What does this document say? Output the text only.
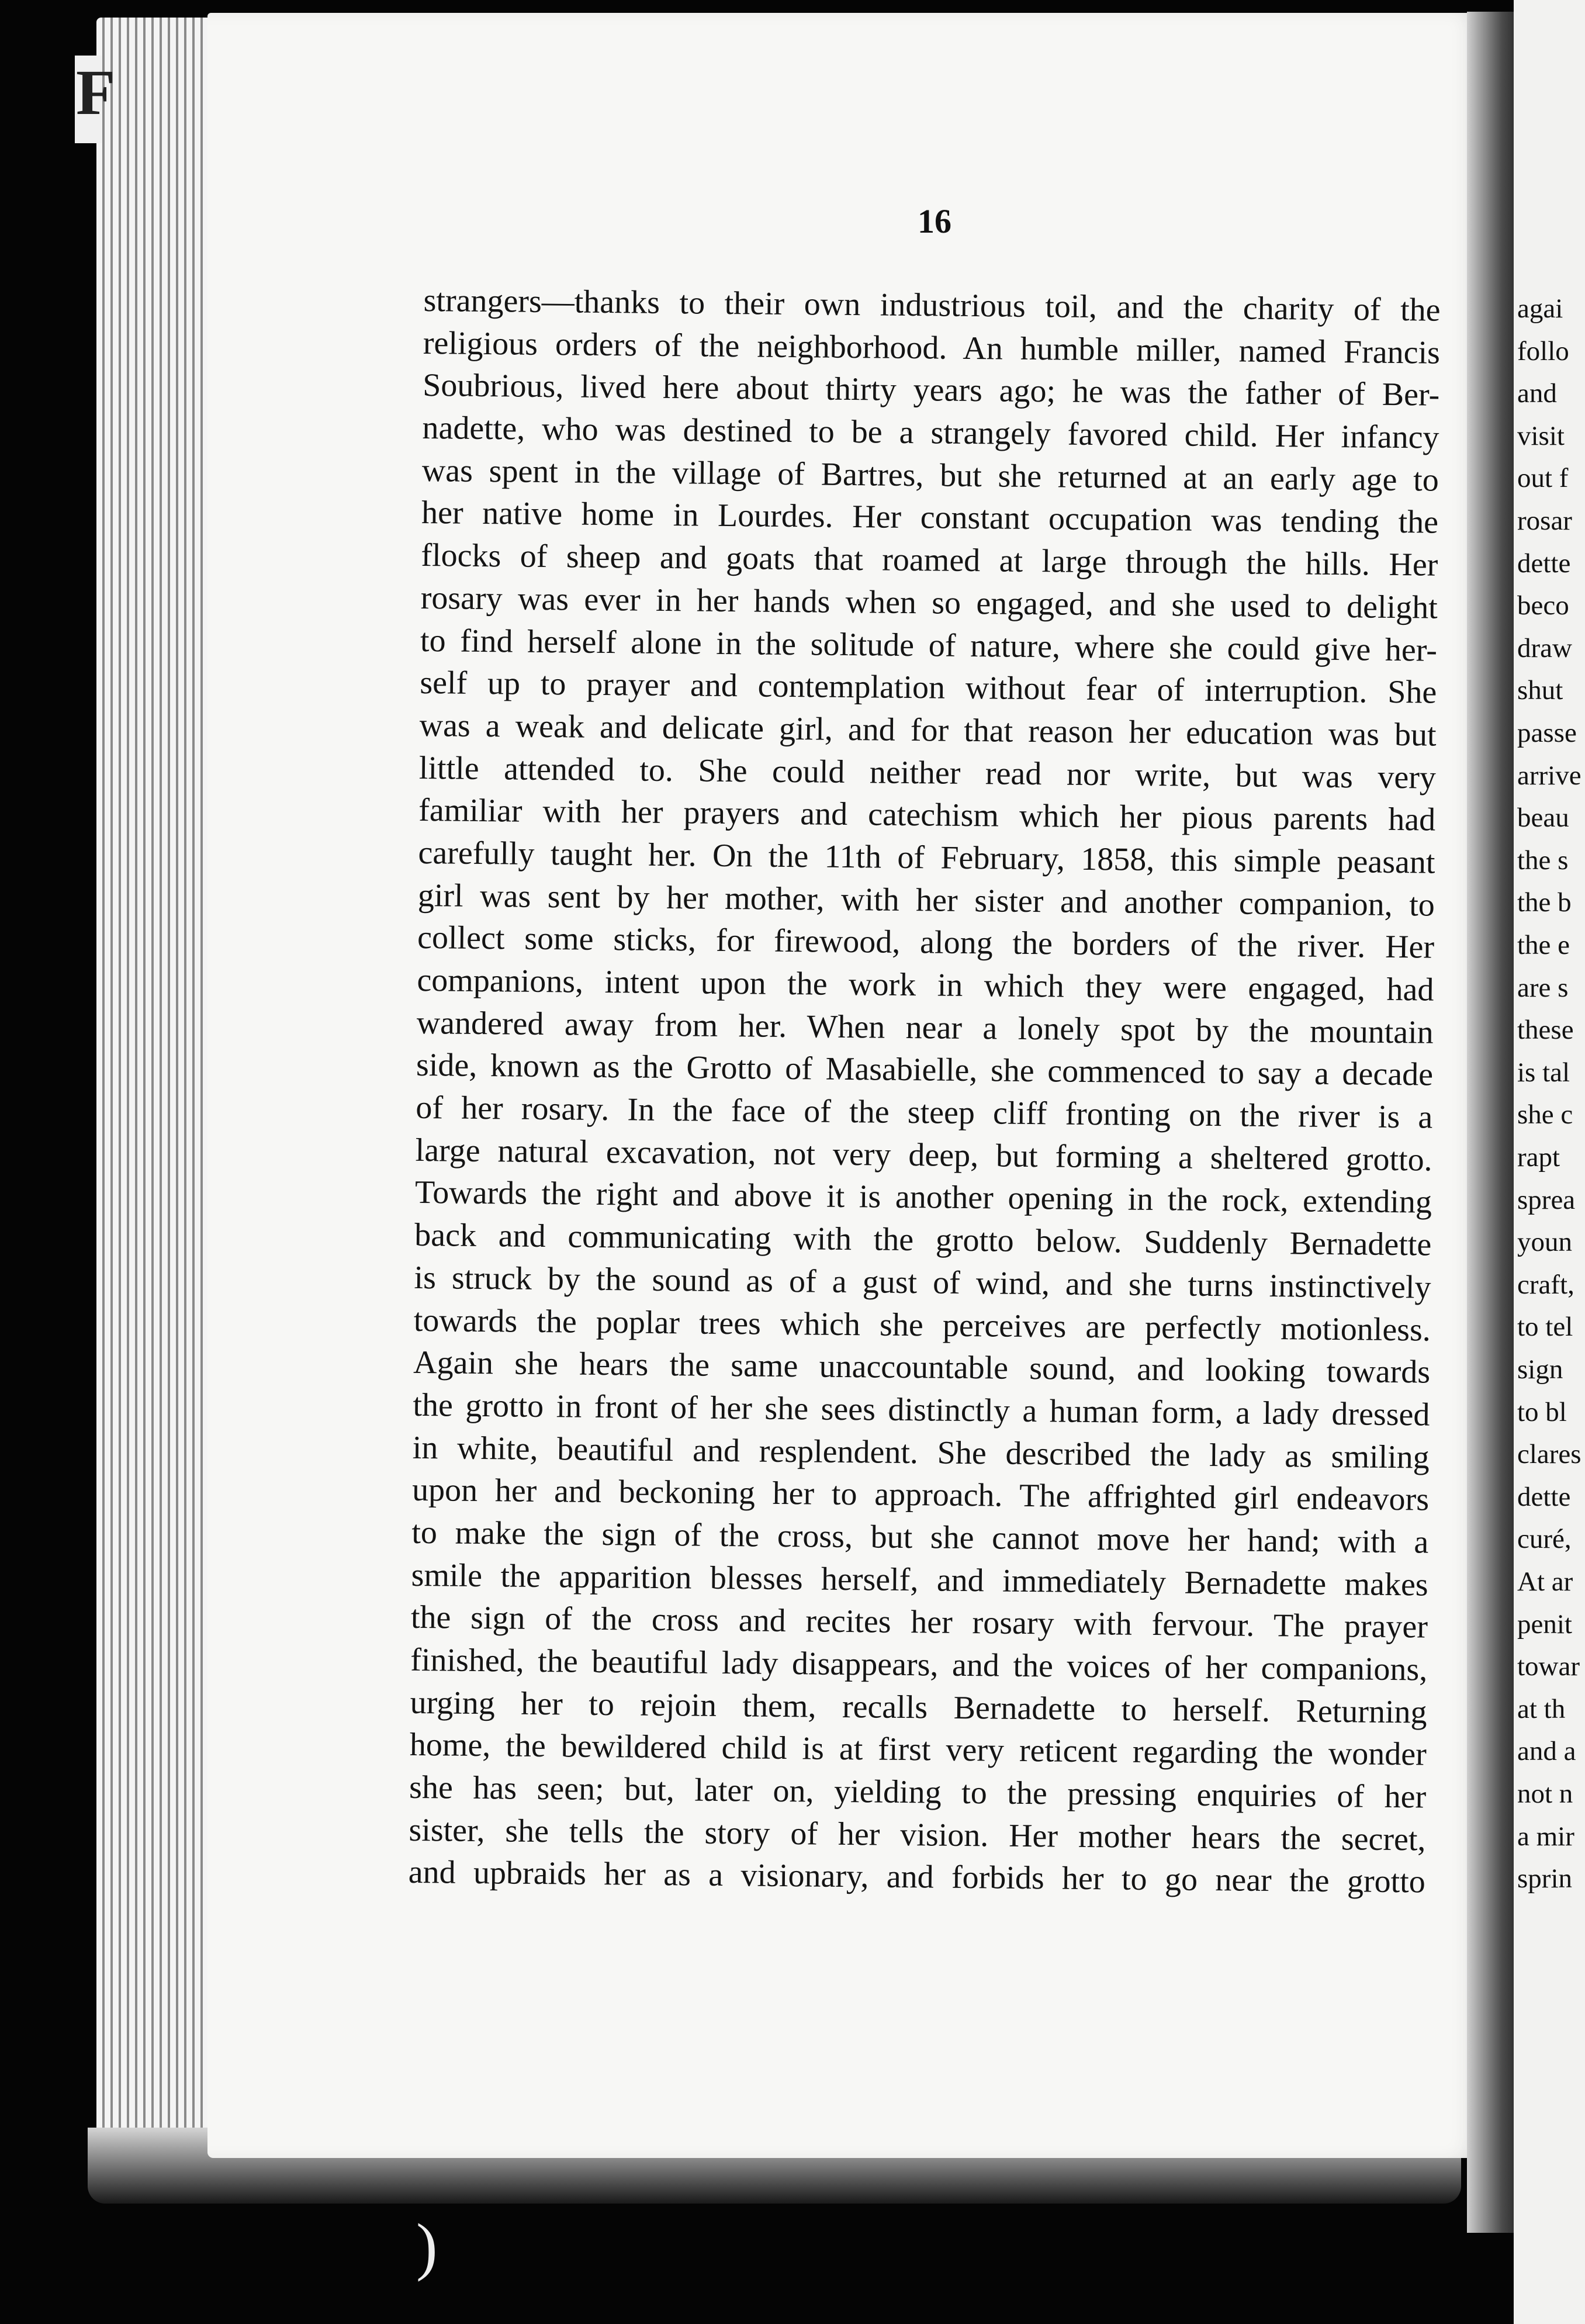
F
16
strangers—thanks to their own industrious toil, and the charity of the
religious orders of the neighborhood. An humble miller, named Francis
Soubrious, lived here about thirty years ago; he was the father of Ber-
nadette, who was destined to be a strangely favored child. Her infancy
was spent in the village of Bartres, but she returned at an early age to
her native home in Lourdes. Her constant occupation was tending the
flocks of sheep and goats that roamed at large through the hills. Her
rosary was ever in her hands when so engaged, and she used to delight
to find herself alone in the solitude of nature, where she could give her-
self up to prayer and contemplation without fear of interruption. She
was a weak and delicate girl, and for that reason her education was but
little attended to. She could neither read nor write, but was very
familiar with her prayers and catechism which her pious parents had
carefully taught her. On the 11th of February, 1858, this simple peasant
girl was sent by her mother, with her sister and another companion, to
collect some sticks, for firewood, along the borders of the river. Her
companions, intent upon the work in which they were engaged, had
wandered away from her. When near a lonely spot by the mountain
side, known as the Grotto of Masabielle, she commenced to say a decade
of her rosary. In the face of the steep cliff fronting on the river is a
large natural excavation, not very deep, but forming a sheltered grotto.
Towards the right and above it is another opening in the rock, extending
back and communicating with the grotto below. Suddenly Bernadette
is struck by the sound as of a gust of wind, and she turns instinctively
towards the poplar trees which she perceives are perfectly motionless.
Again she hears the same unaccountable sound, and looking towards
the grotto in front of her she sees distinctly a human form, a lady dressed
in white, beautiful and resplendent. She described the lady as smiling
upon her and beckoning her to approach. The affrighted girl endeavors
to make the sign of the cross, but she cannot move her hand; with a
smile the apparition blesses herself, and immediately Bernadette makes
the sign of the cross and recites her rosary with fervour. The prayer
finished, the beautiful lady disappears, and the voices of her companions,
urging her to rejoin them, recalls Bernadette to herself. Returning
home, the bewildered child is at first very reticent regarding the wonder
she has seen; but, later on, yielding to the pressing enquiries of her
sister, she tells the story of her vision. Her mother hears the secret,
and upbraids her as a visionary, and forbids her to go near the grotto
agai
follo
and
visit
out f
rosar
dette
beco
draw
shut
passe
arrive
beau
the s
the b
the e
are s
these
is tal
she c
rapt
sprea
youn
craft,
to tel
sign
to bl
clares
dette
curé,
At ar
penit
towar
at th
and a
not n
a mir
sprin
)
